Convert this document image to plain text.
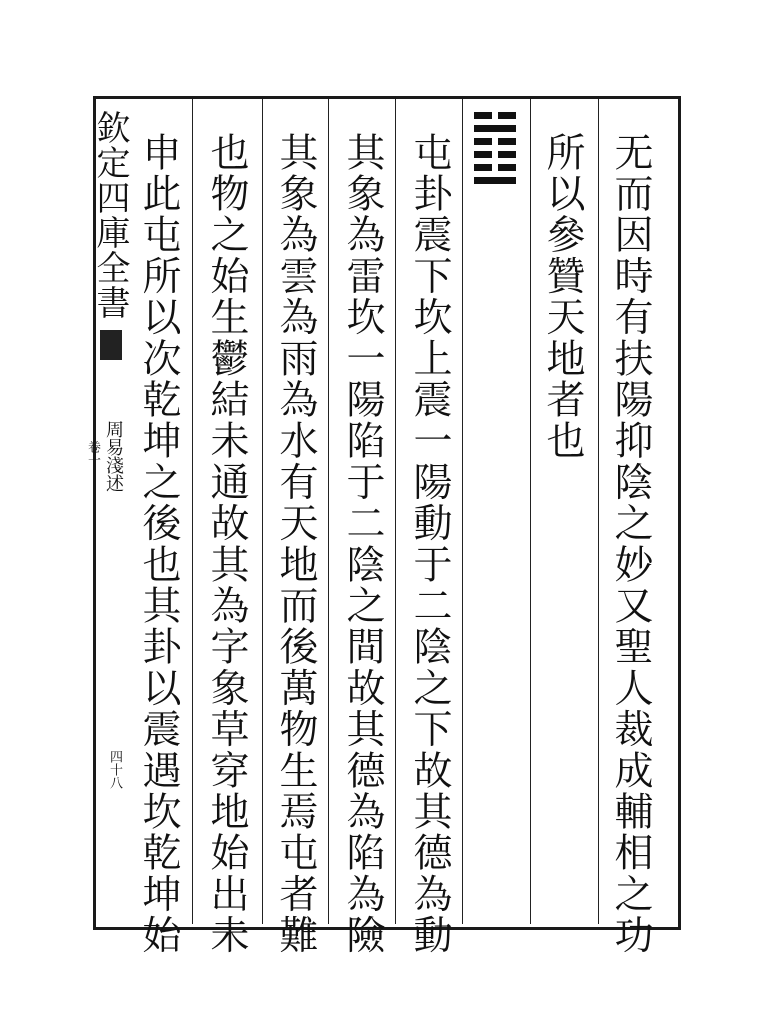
欽定四庫全書
周易淺述
卷一
四十八	无而因時有扶陽抑陰之妙又聖人裁成輔相之功
所以參贊天地者也
屯卦震下坎上震一陽動于二陰之下故其德為動
其象為雷坎一陽陷于二陰之間故其德為陷為險
其象為雲為雨為水有天地而後萬物生焉屯者難
也物之始生鬱結未通故其為字象草穿地始出未
申此屯所以次乾坤之後也其卦以震遇坎乾坤始
